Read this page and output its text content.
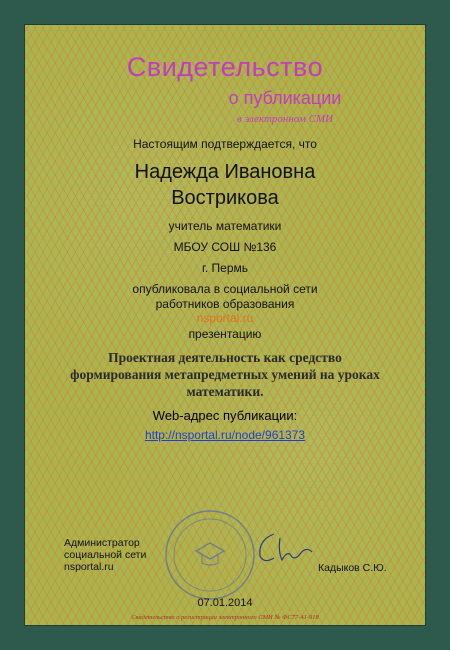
Свидетельство
о публикации
в электронном СМИ
Настоящим подтверждается, что
Надежда Ивановна
Вострикова
учитель математики
МБОУ СОШ №136
г. Пермь
опубликовала в социальной сети
работников образования
nsportal.ru
презентацию
Проектная деятельность как средство формирования метапредметных умений на уроках математики.
Web-адрес публикации:
http://nsportal.ru/node/961373
Администратор
социальной сети
nsportal.ru	Кадыков С.Ю.
07.01.2014
Свидетельство о регистрации электронного СМИ № ФС77-41-918
